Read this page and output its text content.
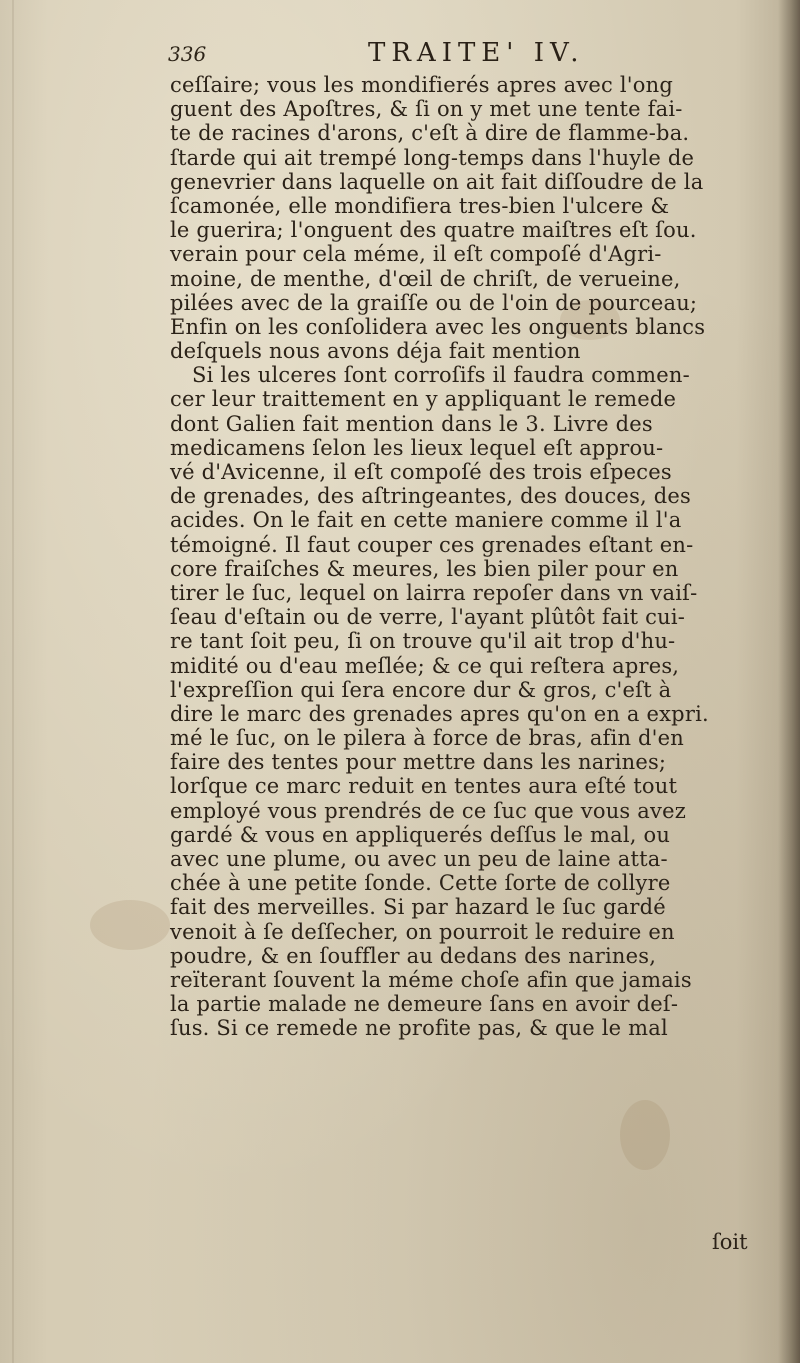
336	TRAITE' IV.
ceſſaire; vous les mondifierés apres avec l'ong
guent des Apoſtres, & ſi on y met une tente fai-
te de racines d'arons, c'eſt à dire de flamme-ba.
ſtarde qui ait trempé long-temps dans l'huyle de
genevrier dans laquelle on ait fait diſſoudre de la
ſcamonée, elle mondifiera tres-bien l'ulcere &
le guerira; l'onguent des quatre maiſtres eſt ſou.
verain pour cela méme, il eſt compoſé d'Agri-
moine, de menthe, d'œil de chriſt, de verueine,
pilées avec de la graiſſe ou de l'oin de pourceau;
Enfin on les conſolidera avec les onguents blancs
deſquels nous avons déja fait mention
Si les ulceres ſont corroſifs il faudra commen-
cer leur traittement en y appliquant le remede
dont Galien fait mention dans le 3. Livre des
medicamens ſelon les lieux lequel eſt approu-
vé d'Avicenne, il eſt compoſé des trois eſpeces
de grenades, des aſtringeantes, des douces, des
acides. On le fait en cette maniere comme il l'a
témoigné. Il faut couper ces grenades eſtant en-
core fraiſches & meures, les bien piler pour en
tirer le ſuc, lequel on lairra repoſer dans vn vaiſ-
ſeau d'eſtain ou de verre, l'ayant plûtôt fait cui-
re tant ſoit peu, ſi on trouve qu'il ait trop d'hu-
midité ou d'eau meſlée; & ce qui reſtera apres,
l'expreſſion qui ſera encore dur & gros, c'eſt à
dire le marc des grenades apres qu'on en a expri.
mé le ſuc, on le pilera à force de bras, afin d'en
faire des tentes pour mettre dans les narines;
lorſque ce marc reduit en tentes aura eſté tout
employé vous prendrés de ce ſuc que vous avez
gardé & vous en appliquerés deſſus le mal, ou
avec une plume, ou avec un peu de laine atta-
chée à une petite ſonde. Cette ſorte de collyre
fait des merveilles. Si par hazard le ſuc gardé
venoit à ſe deſſecher, on pourroit le reduire en
poudre, & en ſouffler au dedans des narines,
reïterant ſouvent la méme choſe afin que jamais
la partie malade ne demeure ſans en avoir deſ-
ſus. Si ce remede ne profite pas, & que le mal
ſoit
